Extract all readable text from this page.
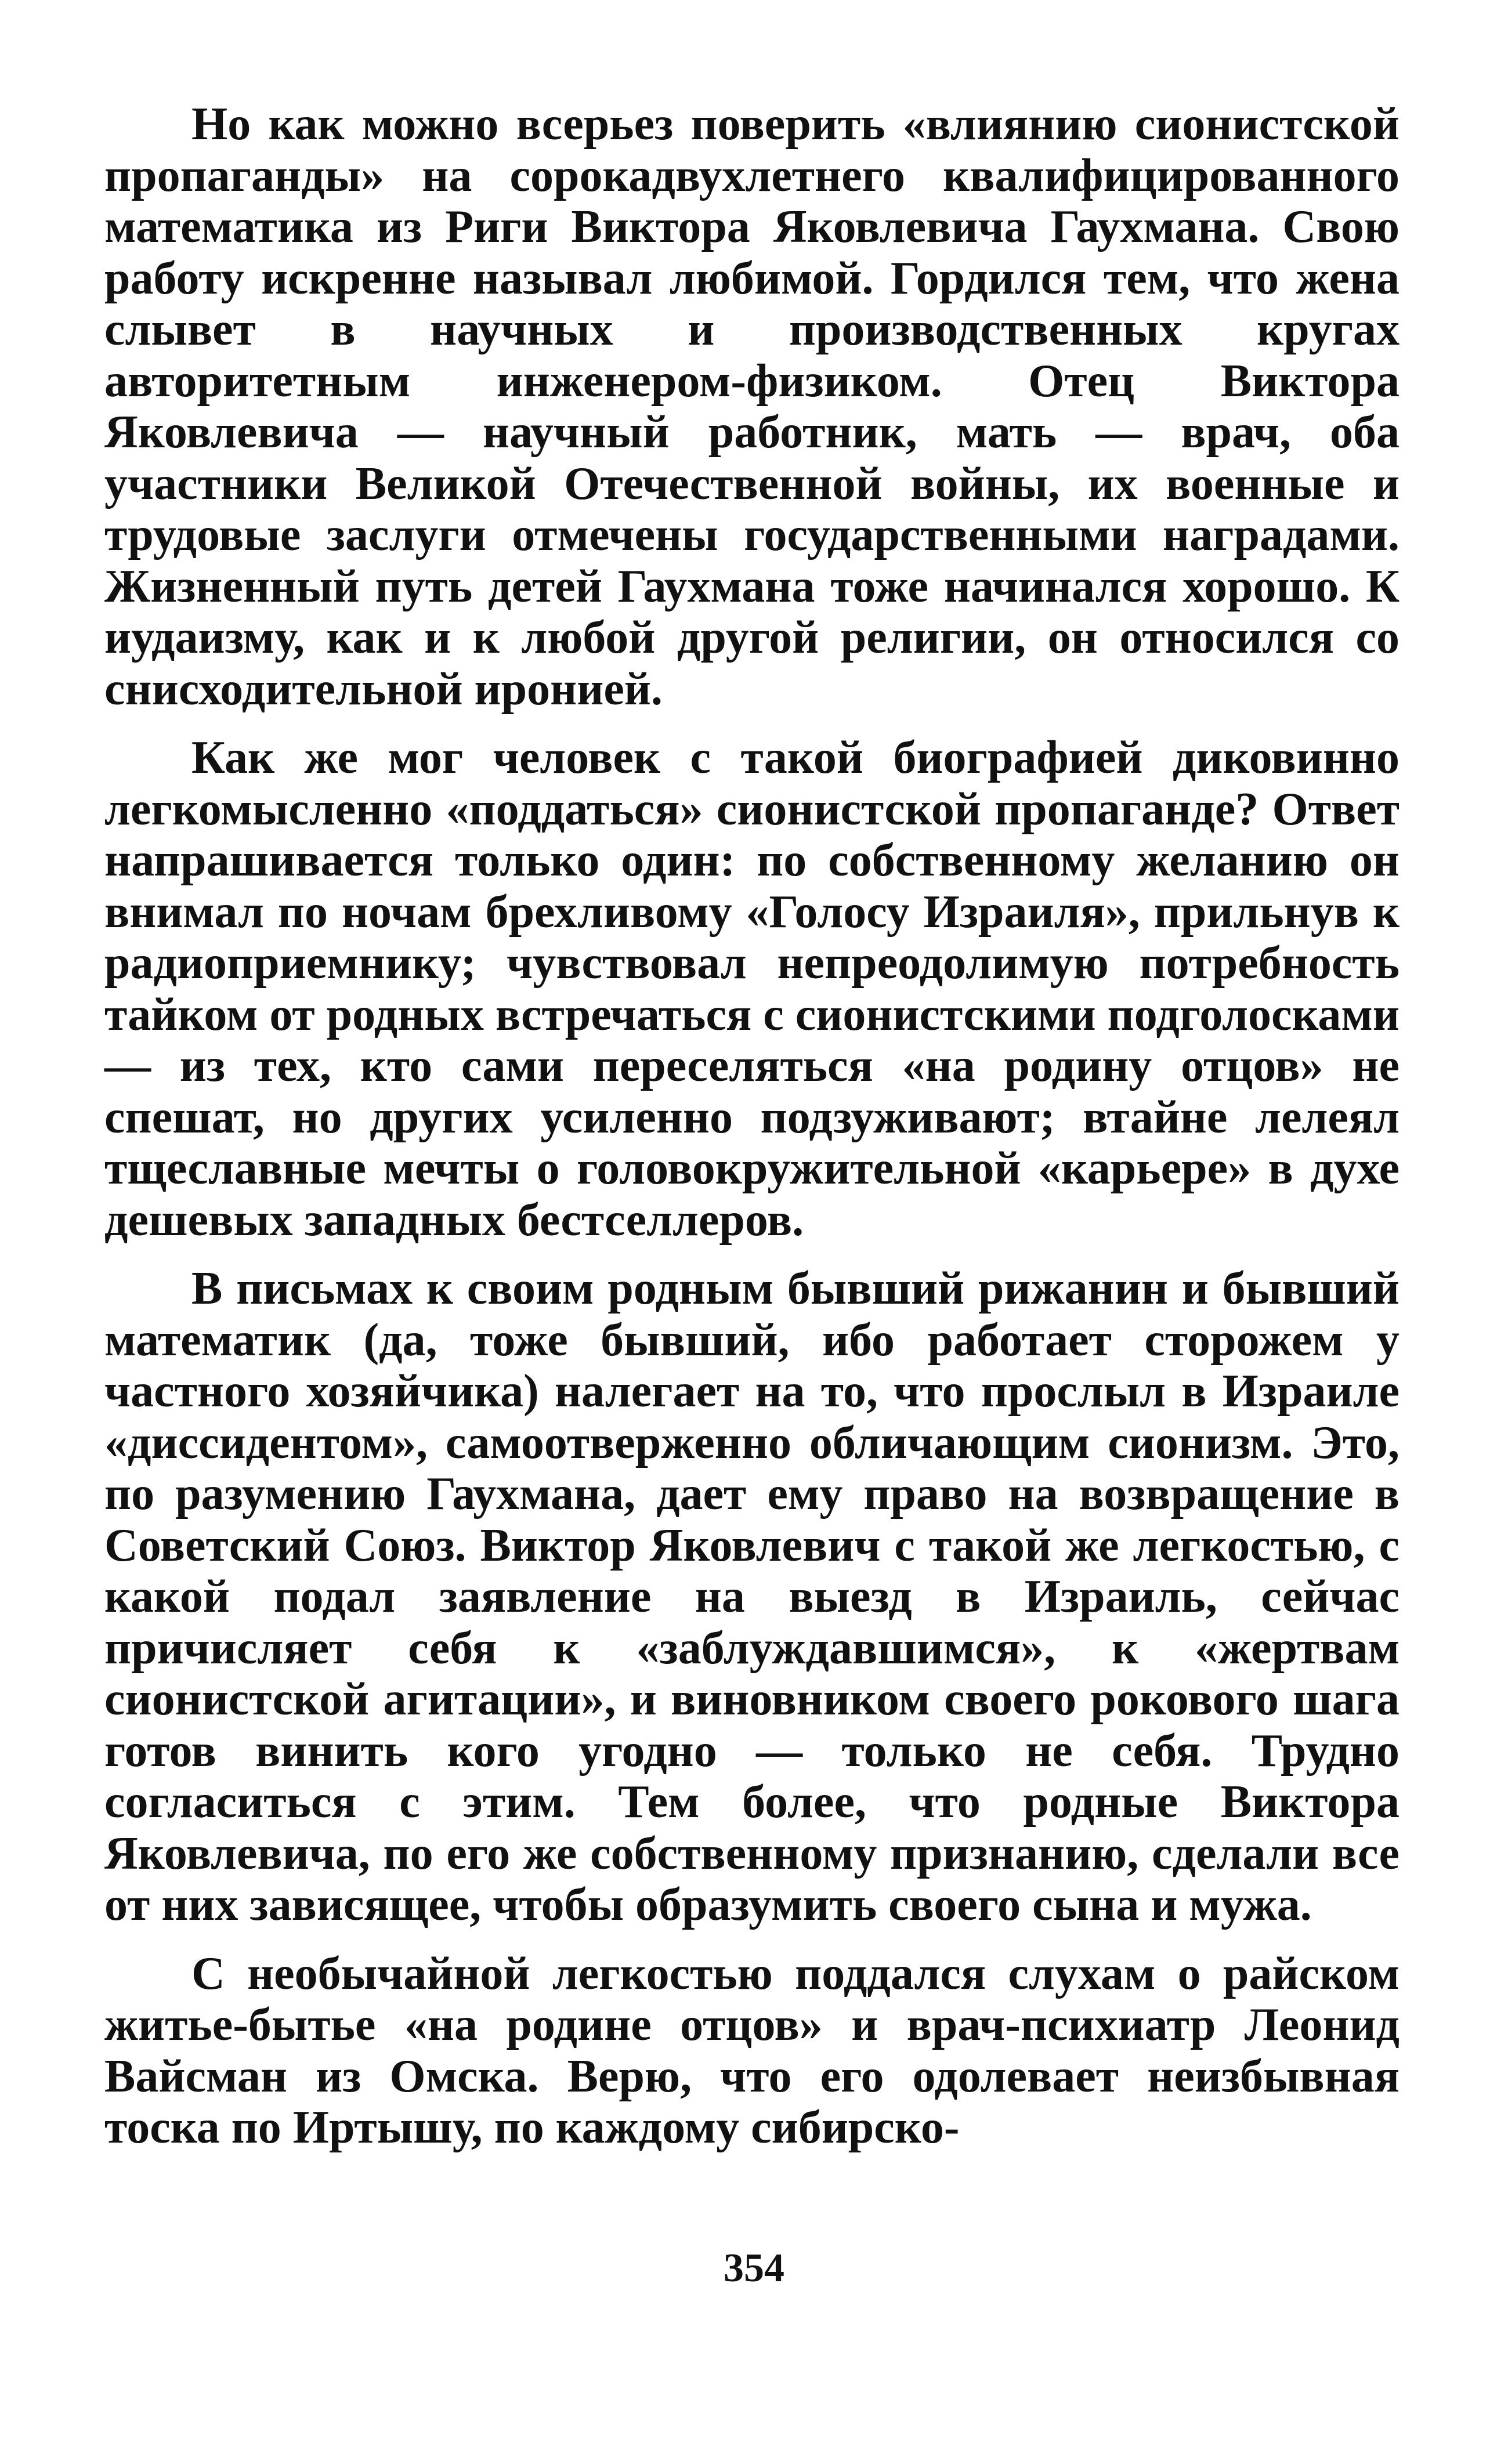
Но как можно всерьез поверить «влиянию сионистской пропаганды» на сорокадвухлетнего квалифицированного математика из Риги Виктора Яковлевича Гаухмана. Свою работу искренне называл любимой. Гордился тем, что жена слывет в научных и производственных кругах авторитетным инженером-физиком. Отец Виктора Яковлевича — научный работник, мать — врач, оба участники Великой Отечественной войны, их военные и трудовые заслуги отмечены государственными наградами. Жизненный путь детей Гаухмана тоже начинался хорошо. К иудаизму, как и к любой другой религии, он относился со снисходительной иронией.

Как же мог человек с такой биографией диковинно легкомысленно «поддаться» сионистской пропаганде? Ответ напрашивается только один: по собственному желанию он внимал по ночам брехливому «Голосу Израиля», прильнув к радиоприемнику; чувствовал непреодолимую потребность тайком от родных встречаться с сионистскими подголосками — из тех, кто сами переселяться «на родину отцов» не спешат, но других усиленно подзуживают; втайне лелеял тщеславные мечты о головокружительной «карьере» в духе дешевых западных бестселлеров.

В письмах к своим родным бывший рижанин и бывший математик (да, тоже бывший, ибо работает сторожем у частного хозяйчика) налегает на то, что прослыл в Израиле «диссидентом», самоотверженно обличающим сионизм. Это, по разумению Гаухмана, дает ему право на возвращение в Советский Союз. Виктор Яковлевич с такой же легкостью, с какой подал заявление на выезд в Израиль, сейчас причисляет себя к «заблуждавшимся», к «жертвам сионистской агитации», и виновником своего рокового шага готов винить кого угодно — только не себя. Трудно согласиться с этим. Тем более, что родные Виктора Яковлевича, по его же собственному признанию, сделали все от них зависящее, чтобы образумить своего сына и мужа.

С необычайной легкостью поддался слухам о райском житье-бытье «на родине отцов» и врач-психиатр Леонид Вайсман из Омска. Верю, что его одолевает неизбывная тоска по Иртышу, по каждому сибирско-

354
